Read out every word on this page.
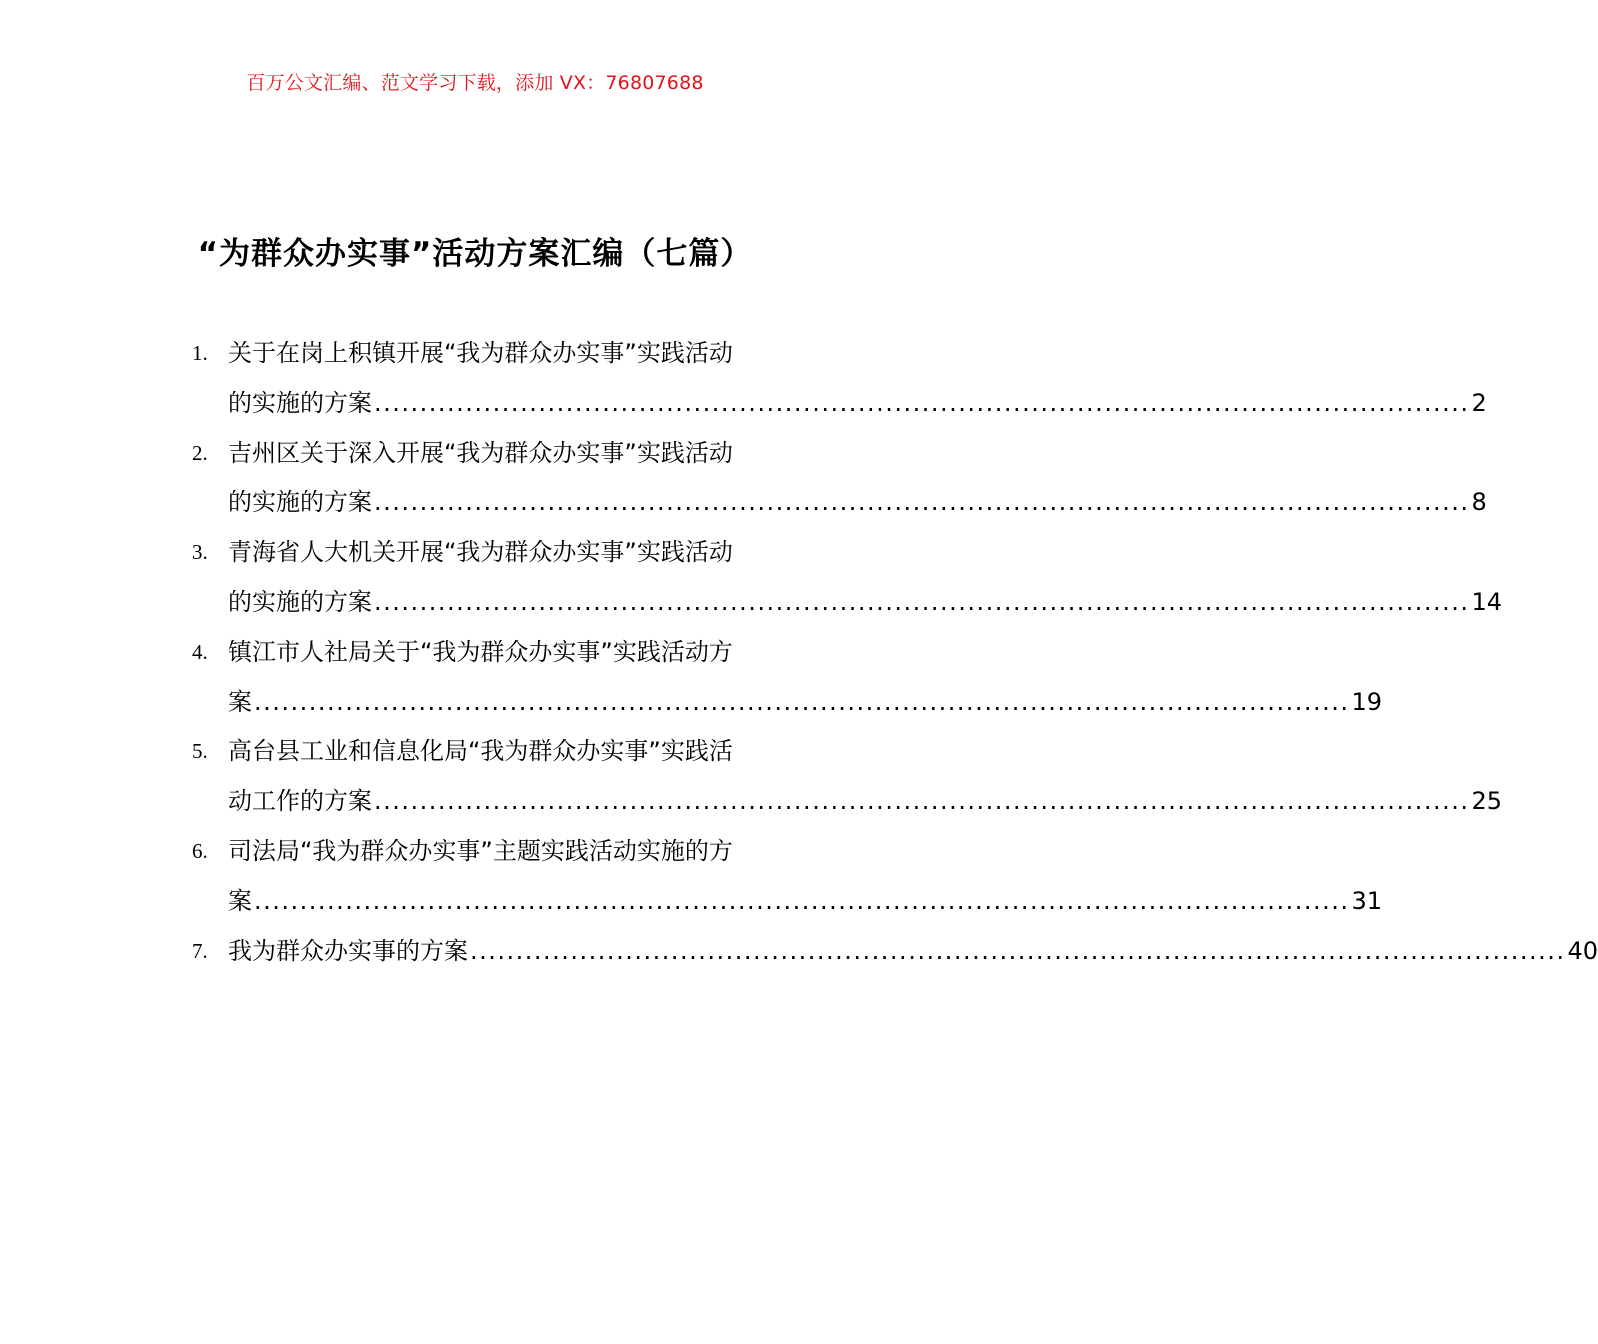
百万公文汇编、范文学习下载，添加 VX：76807688
“为群众办实事”活动方案汇编（七篇）
1. 关于在岗上积镇开展“我为群众办实事”实践活动
的实施的方案 ........................................................................................................................ 2
2. 吉州区关于深入开展“我为群众办实事”实践活动
的实施的方案 ........................................................................................................................ 8
3. 青海省人大机关开展“我为群众办实事”实践活动
的实施的方案 ........................................................................................................................ 14
4. 镇江市人社局关于“我为群众办实事”实践活动方
案 ........................................................................................................................ 19
5. 高台县工业和信息化局“我为群众办实事”实践活
动工作的方案 ........................................................................................................................ 25
6. 司法局“我为群众办实事”主题实践活动实施的方
案 ........................................................................................................................ 31
7. 我为群众办实事的方案 ........................................................................................................................ 40
